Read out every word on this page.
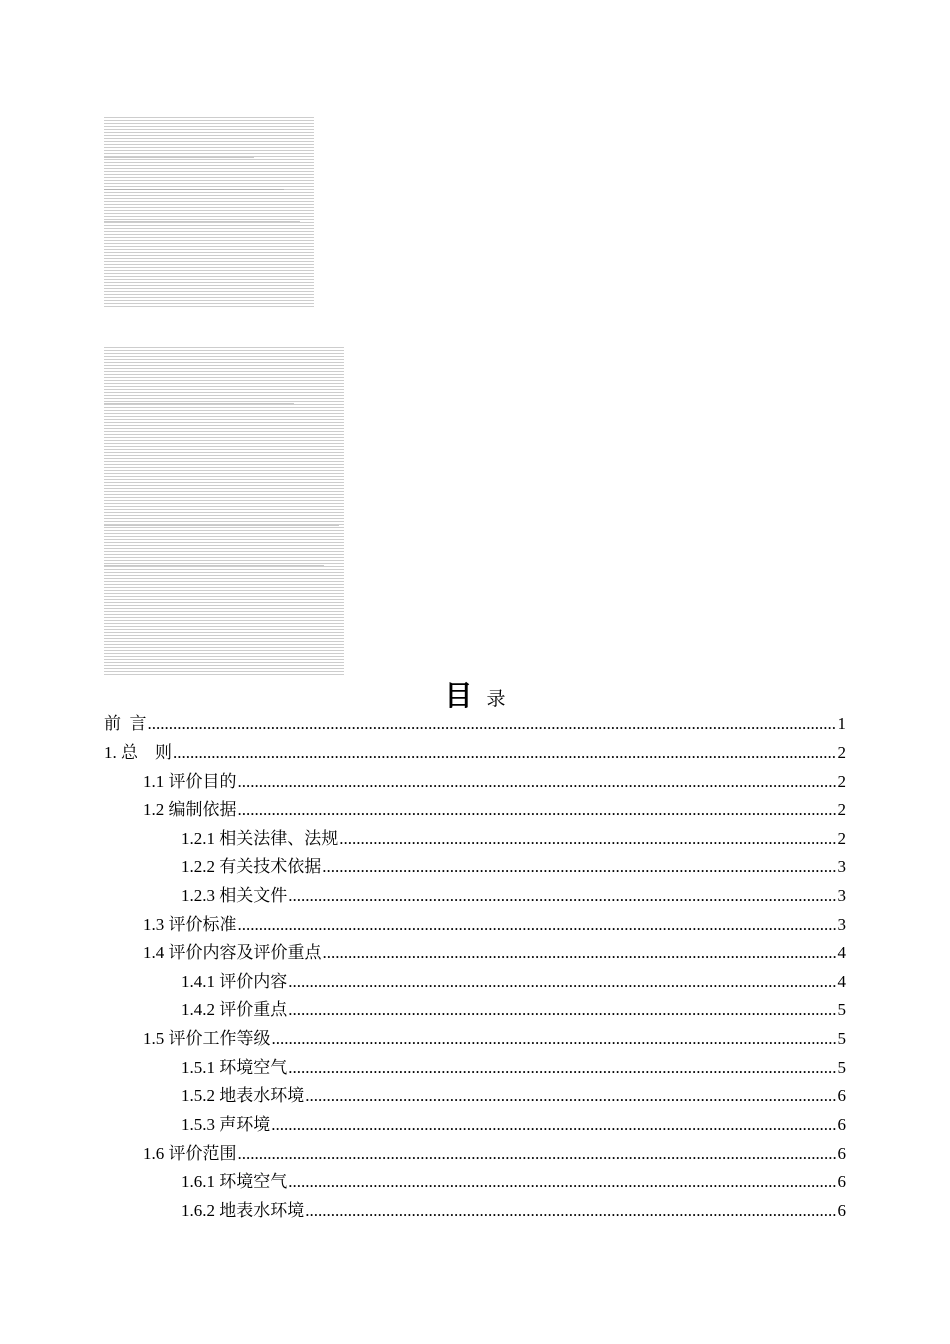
目 录
前  言 .....	1
1. 总    则 .....	2
1.1 评价目的 .....	2
1.2 编制依据 .....	2
1.2.1 相关法律、法规 .....	2
1.2.2 有关技术依据 .....	3
1.2.3 相关文件 .....	3
1.3 评价标准 .....	3
1.4 评价内容及评价重点 .....	4
1.4.1 评价内容 .....	4
1.4.2 评价重点 .....	5
1.5 评价工作等级 .....	5
1.5.1 环境空气 .....	5
1.5.2 地表水环境 .....	6
1.5.3 声环境 .....	6
1.6 评价范围 .....	6
1.6.1 环境空气 .....	6
1.6.2 地表水环境 .....	6
